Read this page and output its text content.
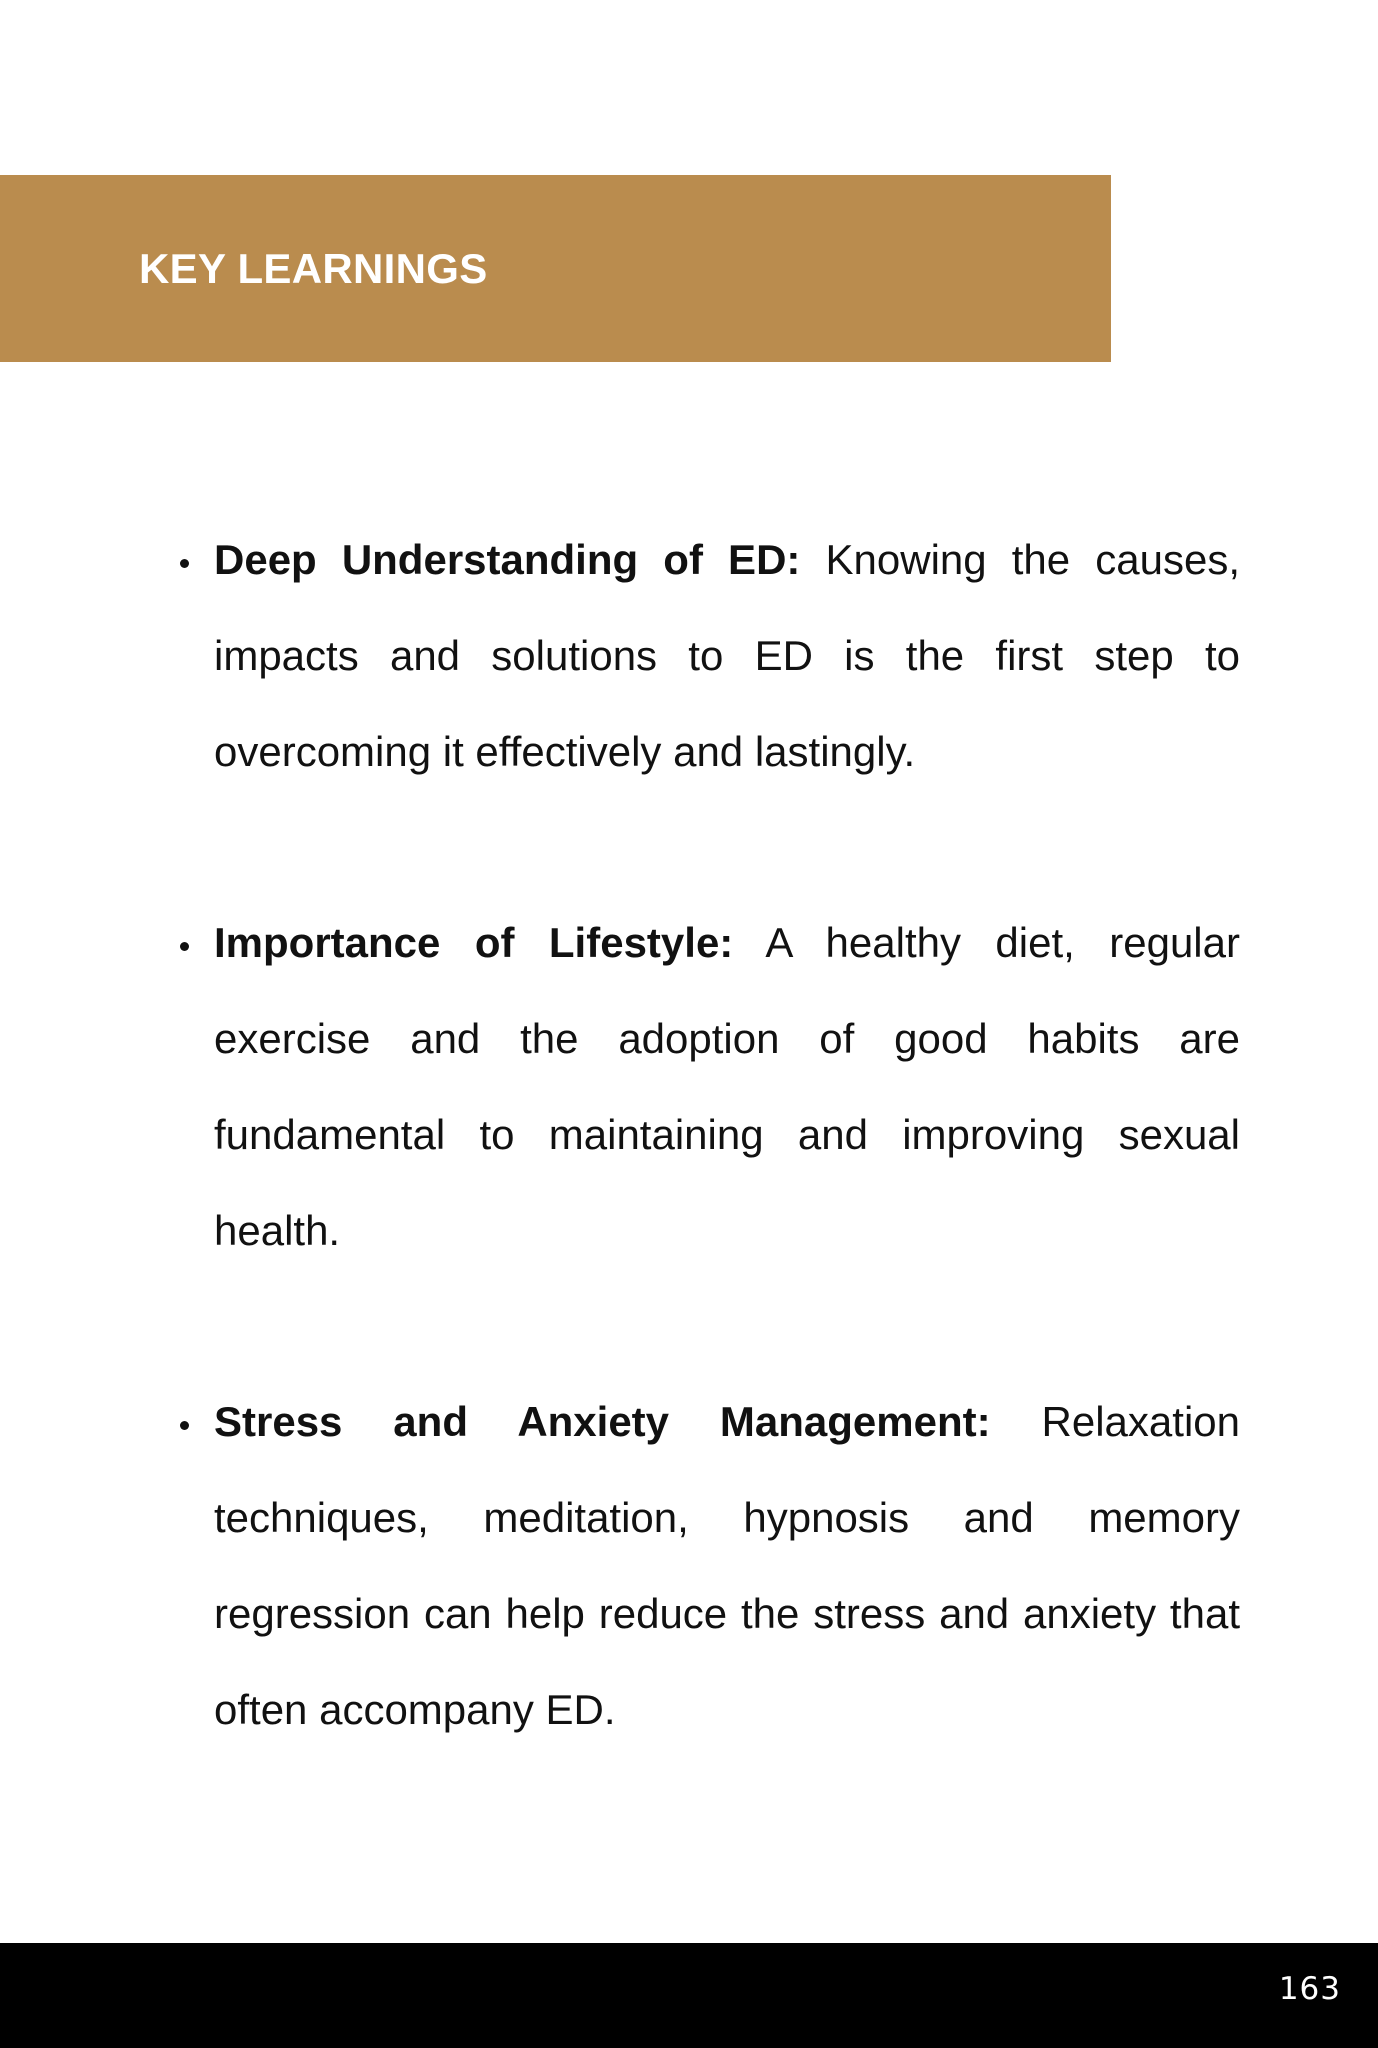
KEY LEARNINGS
Deep Understanding of ED: Knowing the causes, impacts and solutions to ED is the first step to overcoming it effectively and lastingly.
Importance of Lifestyle: A healthy diet, regular exercise and the adoption of good habits are fundamental to maintaining and improving sexual health.
Stress and Anxiety Management: Relaxation techniques, meditation, hypnosis and memory regression can help reduce the stress and anxiety that often accompany ED.
163
